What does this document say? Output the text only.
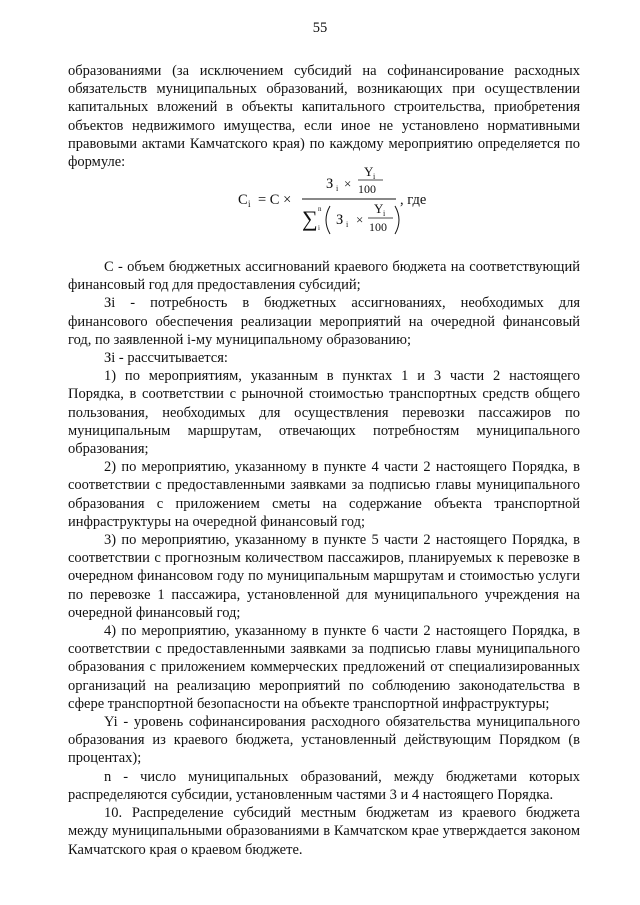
55

образованиями (за исключением субсидий на софинансирование расходных обязательств муниципальных образований, возникающих при осуществлении капитальных вложений в объекты капитального строительства, приобретения объектов недвижимого имущества, если иное не установлено нормативными правовыми актами Камчатского края) по каждому мероприятию определяется по формуле:

C i = C ×
З i ×
Y i
100
∑ n
i З i ×
Y i
100
, где

С - объем бюджетных ассигнований краевого бюджета на соответствующий финансовый год для предоставления субсидий;

Зi - потребность в бюджетных ассигнованиях, необходимых для финансового обеспечения реализации мероприятий на очередной финансовый год, по заявленной i-му муниципальному образованию;

Зi - рассчитывается:

1) по мероприятиям, указанным в пунктах 1 и 3 части 2 настоящего Порядка, в соответствии с рыночной стоимостью транспортных средств общего пользования, необходимых для осуществления перевозки пассажиров по муниципальным маршрутам, отвечающих потребностям муниципального образования;

2) по мероприятию, указанному в пункте 4 части 2 настоящего Порядка, в соответствии с предоставленными заявками за подписью главы муниципального образования с приложением сметы на содержание объекта транспортной инфраструктуры на очередной финансовый год;

3) по мероприятию, указанному в пункте 5 части 2 настоящего Порядка, в соответствии с прогнозным количеством пассажиров, планируемых к перевозке в очередном финансовом году по муниципальным маршрутам и стоимостью услуги по перевозке 1 пассажира, установленной для муниципального учреждения на очередной финансовый год;

4) по мероприятию, указанному в пункте 6 части 2 настоящего Порядка, в соответствии с предоставленными заявками за подписью главы муниципального образования с приложением коммерческих предложений от специализированных организаций на реализацию мероприятий по соблюдению законодательства в сфере транспортной безопасности на объекте транспортной инфраструктуры;

Yi - уровень софинансирования расходного обязательства муниципального образования из краевого бюджета, установленный действующим Порядком (в процентах);

n - число муниципальных образований, между бюджетами которых распределяются субсидии, установленным частями 3 и 4 настоящего Порядка.

10. Распределение субсидий местным бюджетам из краевого бюджета между муниципальными образованиями в Камчатском крае утверждается законом Камчатского края о краевом бюджете.
